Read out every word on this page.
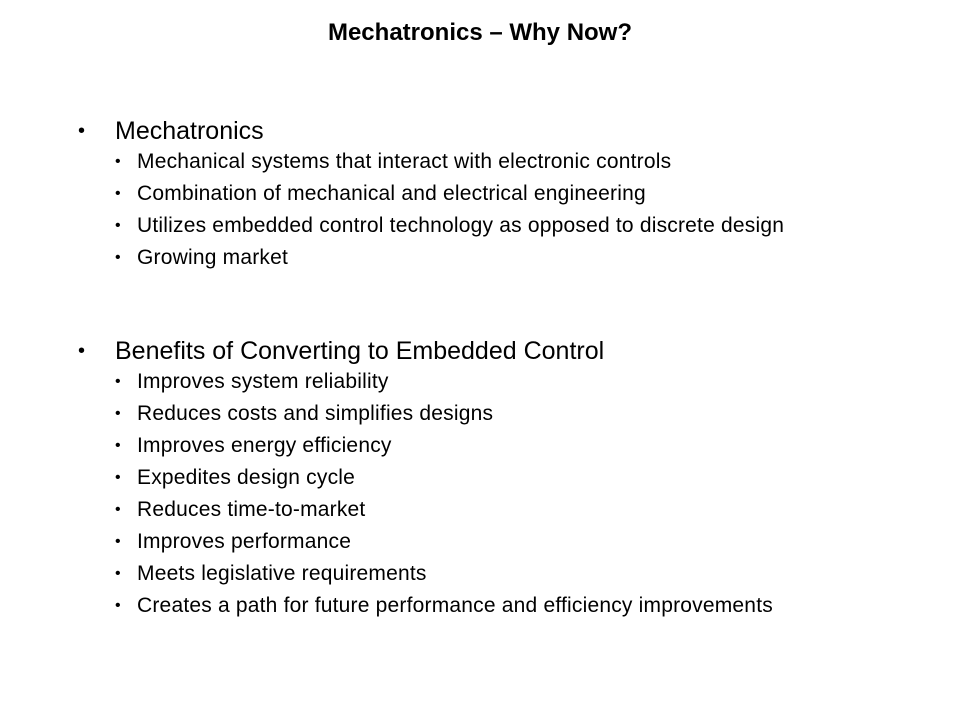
Mechatronics – Why Now?
•	Mechatronics
• Mechanical systems that interact with electronic controls
• Combination of mechanical and electrical engineering
• Utilizes embedded control technology as opposed to discrete design
• Growing market
•	Benefits of Converting to Embedded Control
• Improves system reliability
• Reduces costs and simplifies designs
• Improves energy efficiency
• Expedites design cycle
• Reduces time-to-market
• Improves performance
• Meets legislative requirements
• Creates a path for future performance and efficiency improvements
